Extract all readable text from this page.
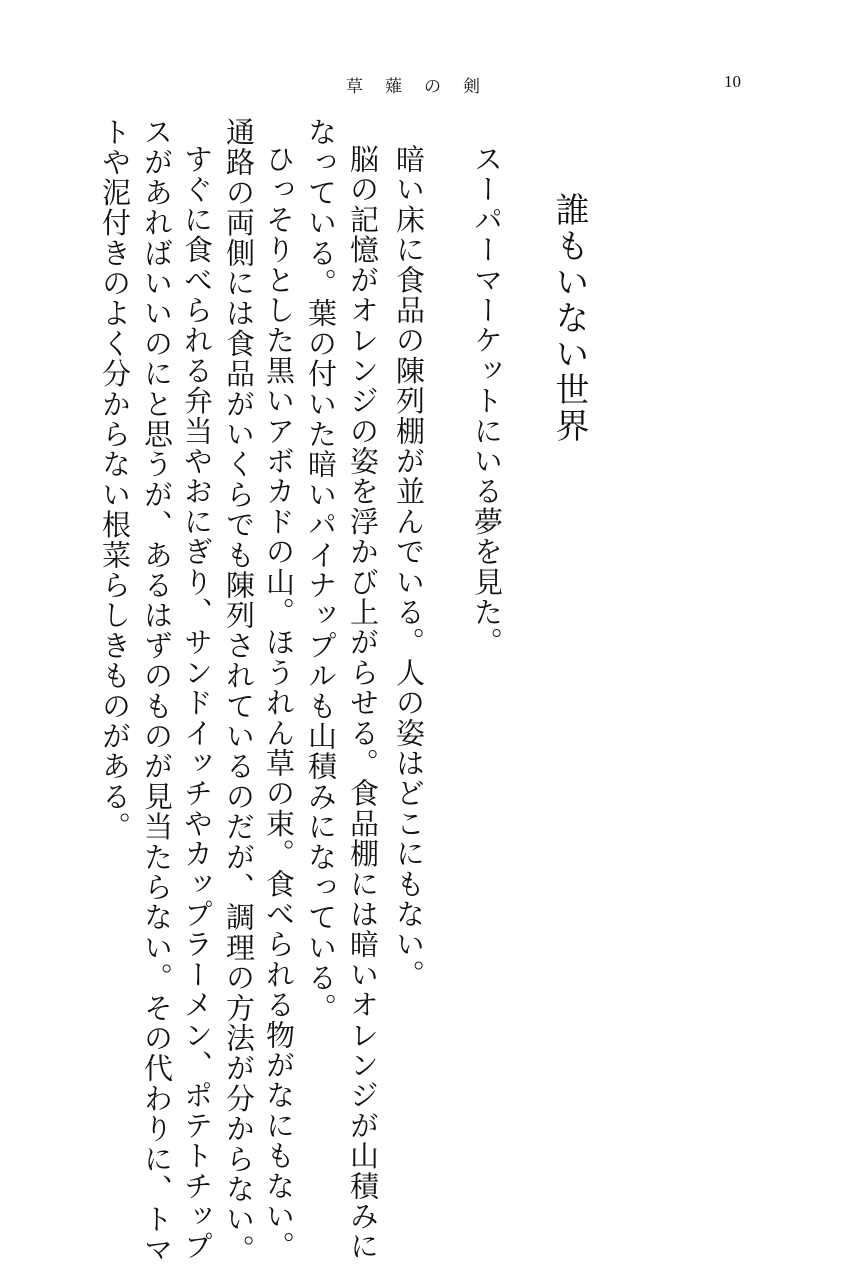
草薙の剣	10
誰もいない世界
スーパーマーケットにいる夢を見た。
暗い床に食品の陳列棚が並んでいる。人の姿はどこにもない。
脳の記憶がオレンジの姿を浮かび上がらせる。食品棚には暗いオレンジが山積みに
なっている。葉の付いた暗いパイナップルも山積みになっている。
ひっそりとした黒いアボカドの山。ほうれん草の束。食べられる物がなにもない。
通路の両側には食品がいくらでも陳列されているのだが、調理の方法が分からない。
すぐに食べられる弁当やおにぎり、サンドイッチやカップラーメン、ポテトチップ
スがあればいいのにと思うが、あるはずのものが見当たらない。その代わりに、トマ
トや泥付きのよく分からない根菜らしきものがある。
